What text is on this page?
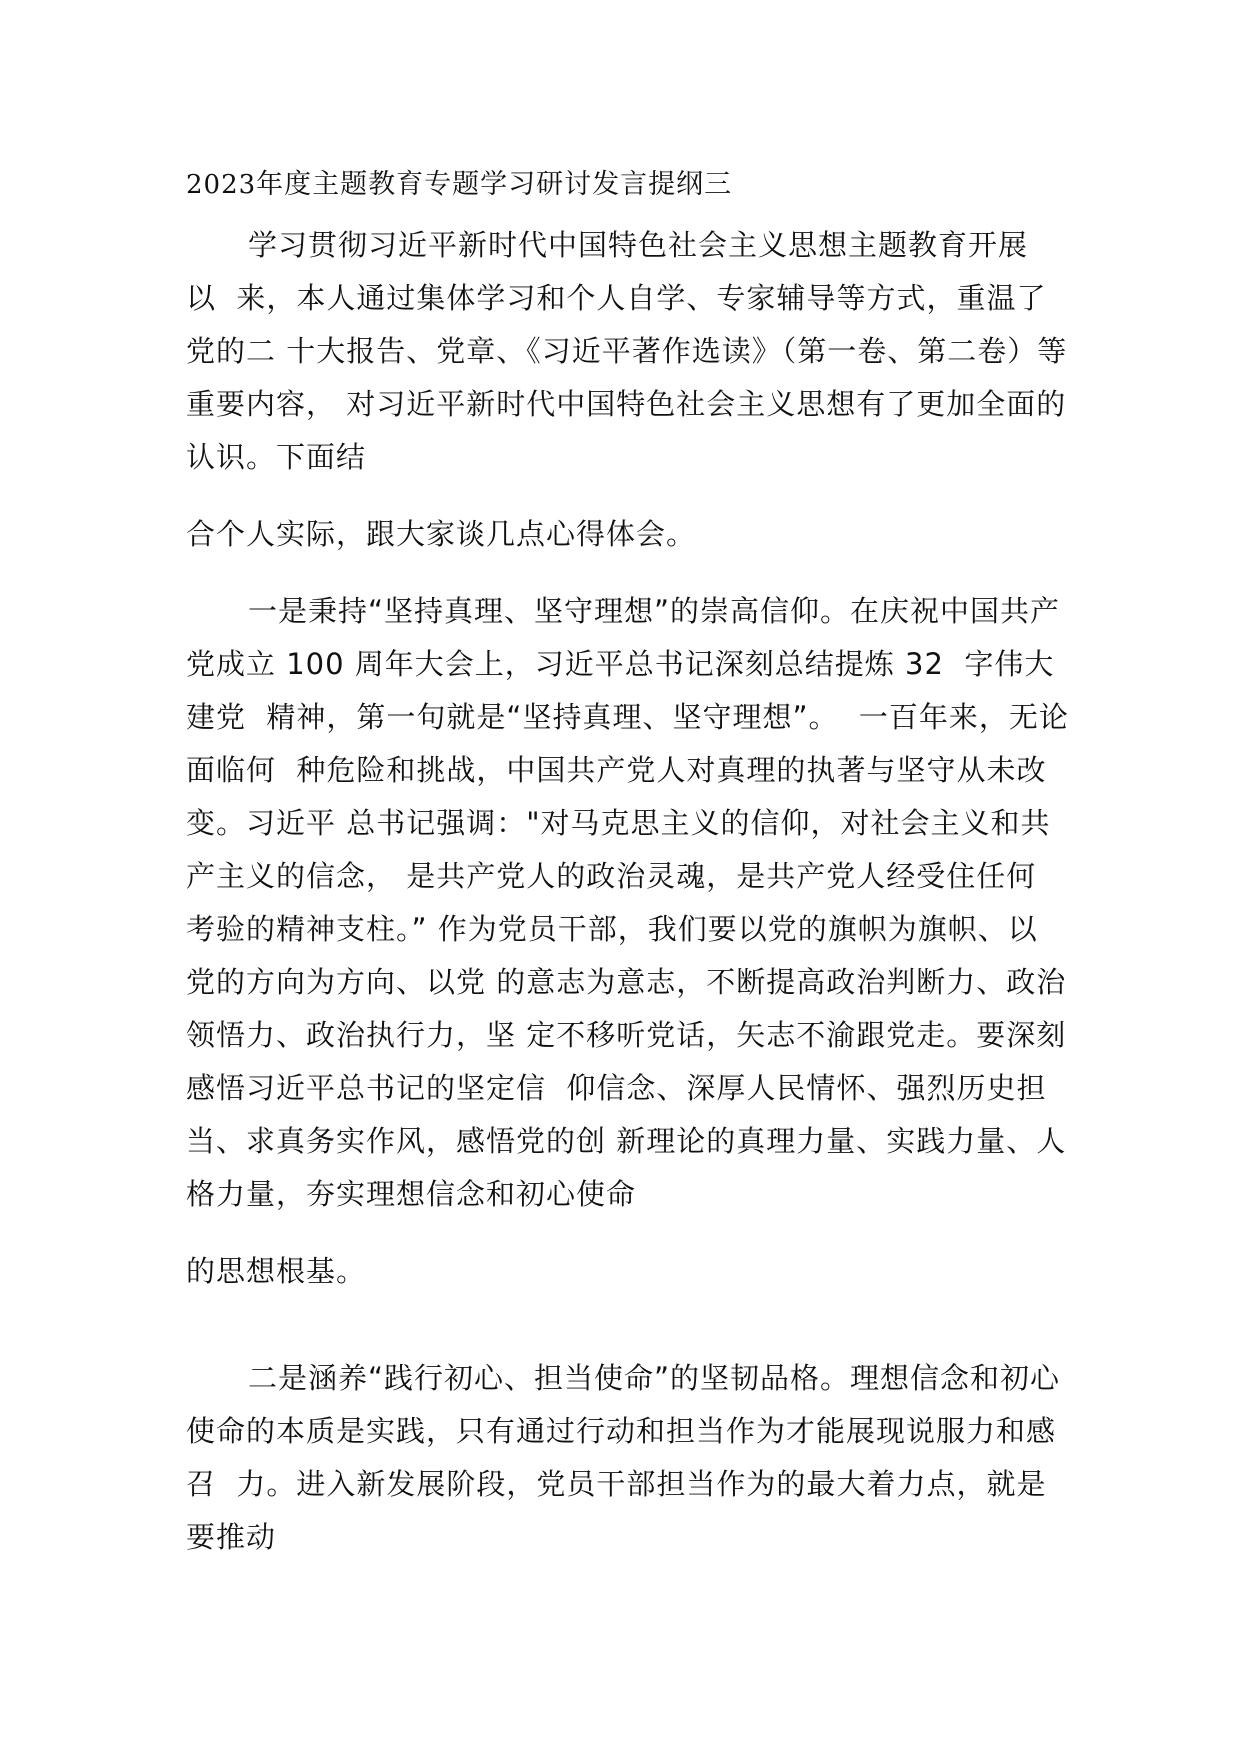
2023年度主题教育专题学习研讨发言提纲三
学习贯彻习近平新时代中国特色社会主义思想主题教育开展
以  来，本人通过集体学习和个人自学、专家辅导等方式，重温了
党的二 十大报告、党章、《习近平著作选读》（第一卷、第二卷）等
重要内容， 对习近平新时代中国特色社会主义思想有了更加全面的
认识。下面结
合个人实际，跟大家谈几点心得体会。
一是秉持“坚持真理、坚守理想”的崇高信仰。在庆祝中国共产
党成立 100 周年大会上，习近平总书记深刻总结提炼 32  字伟大
建党  精神，第一句就是“坚持真理、坚守理想”。  一百年来，无论
面临何  种危险和挑战，中国共产党人对真理的执著与坚守从未改
变。习近平 总书记强调："对马克思主义的信仰，对社会主义和共
产主义的信念， 是共产党人的政治灵魂，是共产党人经受住任何
考验的精神支柱。” 作为党员干部，我们要以党的旗帜为旗帜、以
党的方向为方向、以党 的意志为意志，不断提高政治判断力、政治
领悟力、政治执行力，坚 定不移听党话，矢志不渝跟党走。要深刻
感悟习近平总书记的坚定信  仰信念、深厚人民情怀、强烈历史担
当、求真务实作风，感悟党的创 新理论的真理力量、实践力量、人
格力量，夯实理想信念和初心使命
的思想根基。
二是涵养“践行初心、担当使命”的坚韧品格。理想信念和初心
使命的本质是实践，只有通过行动和担当作为才能展现说服力和感
召  力。进入新发展阶段，党员干部担当作为的最大着力点，就是
要推动
